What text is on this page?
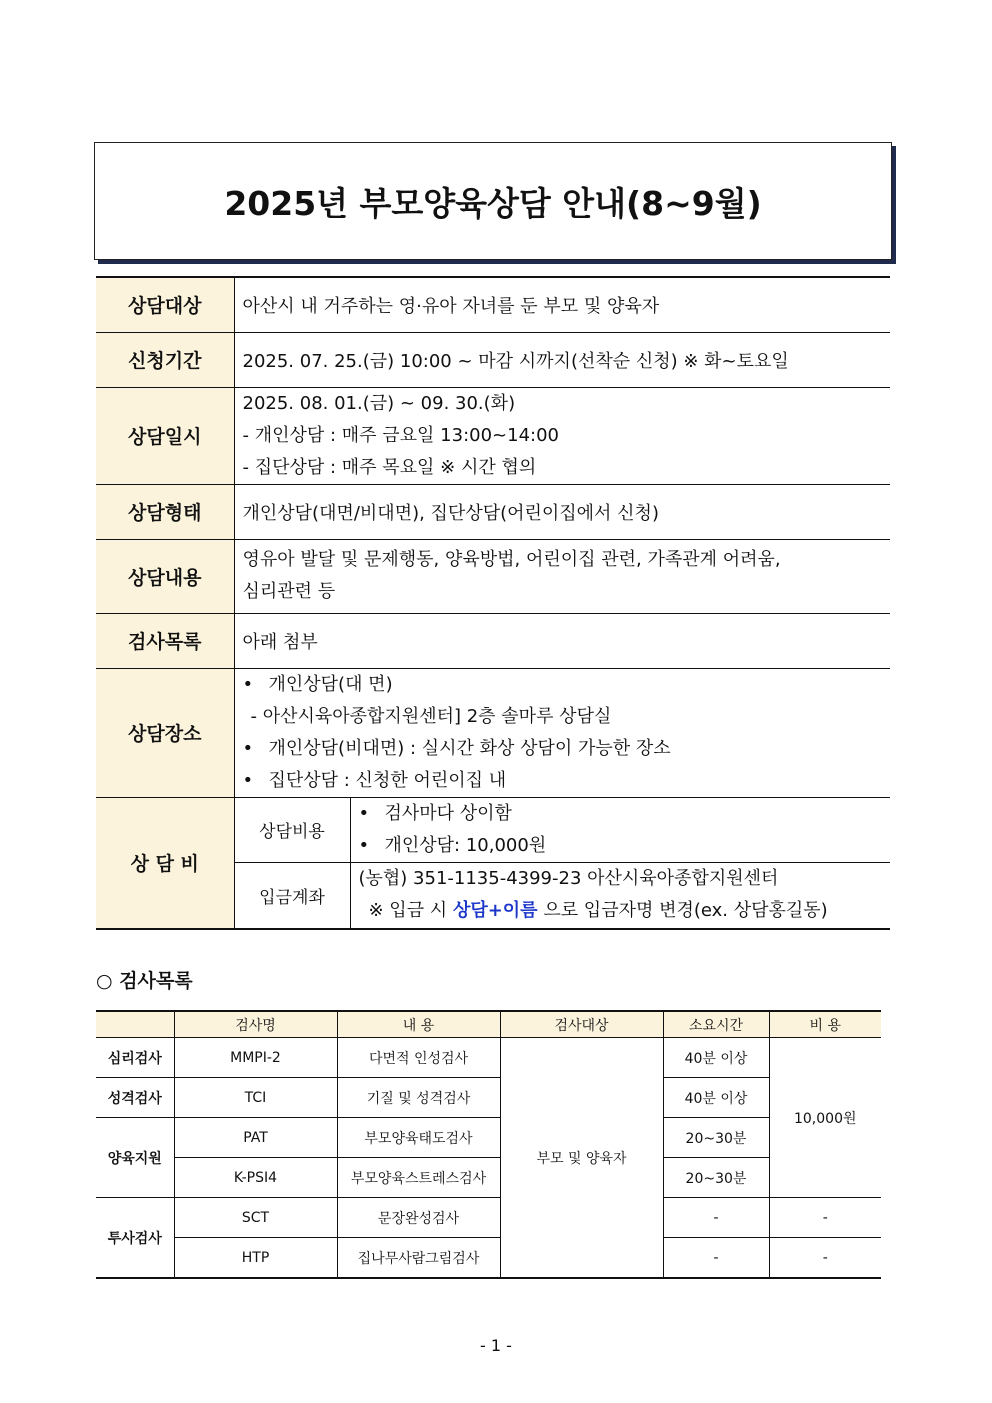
2025년 부모양육상담 안내(8~9월)
상담대상	아산시 내 거주하는 영·유아 자녀를 둔 부모 및 양육자	
신청기간	2025. 07. 25.(금) 10:00 ~ 마감 시까지(선착순 신청) ※ 화~토요일	
상담일시	2025. 08. 01.(금) ~ 09. 30.(화)
- 개인상담 : 매주 금요일 13:00~14:00
- 집단상담 : 매주 목요일 ※ 시간 협의	

상담형태	개인상담(대면/비대면), 집단상담(어린이집에서 신청)	
상담내용	영유아 발달 및 문제행동, 양육방법, 어린이집 관련, 가족관계 어려움,
심리관련 등	

검사목록	아래 첨부	
상담장소	• 개인상담(대 면)
- 아산시육아종합지원센터] 2층 솔마루 상담실
• 개인상담(비대면) : 실시간 화상 상담이 가능한 장소
• 집단상담 : 신청한 어린이집 내

상 담 비	상담비용	• 검사마다 상이함
• 개인상담: 10,000원

	입금계좌	(농협) 351-1135-4399-23 아산시육아종합지원센터
※ 입금 시 상담+이름 으로 입금자명 변경(ex. 상담홍길동)
○ 검사목록
	검사명	내 용	검사대상	소요시간	비 용
심리검사	MMPI-2	다면적 인성검사	부모 및 양육자	40분 이상	10,000원
성격검사	TCI	기질 및 성격검사		40분 이상	
양육지원	PAT	부모양육태도검사		20~30분	
	K-PSI4	부모양육스트레스검사		20~30분	
투사검사	SCT	문장완성검사		-	-
	HTP	집나무사람그림검사		-	-
- 1 -
